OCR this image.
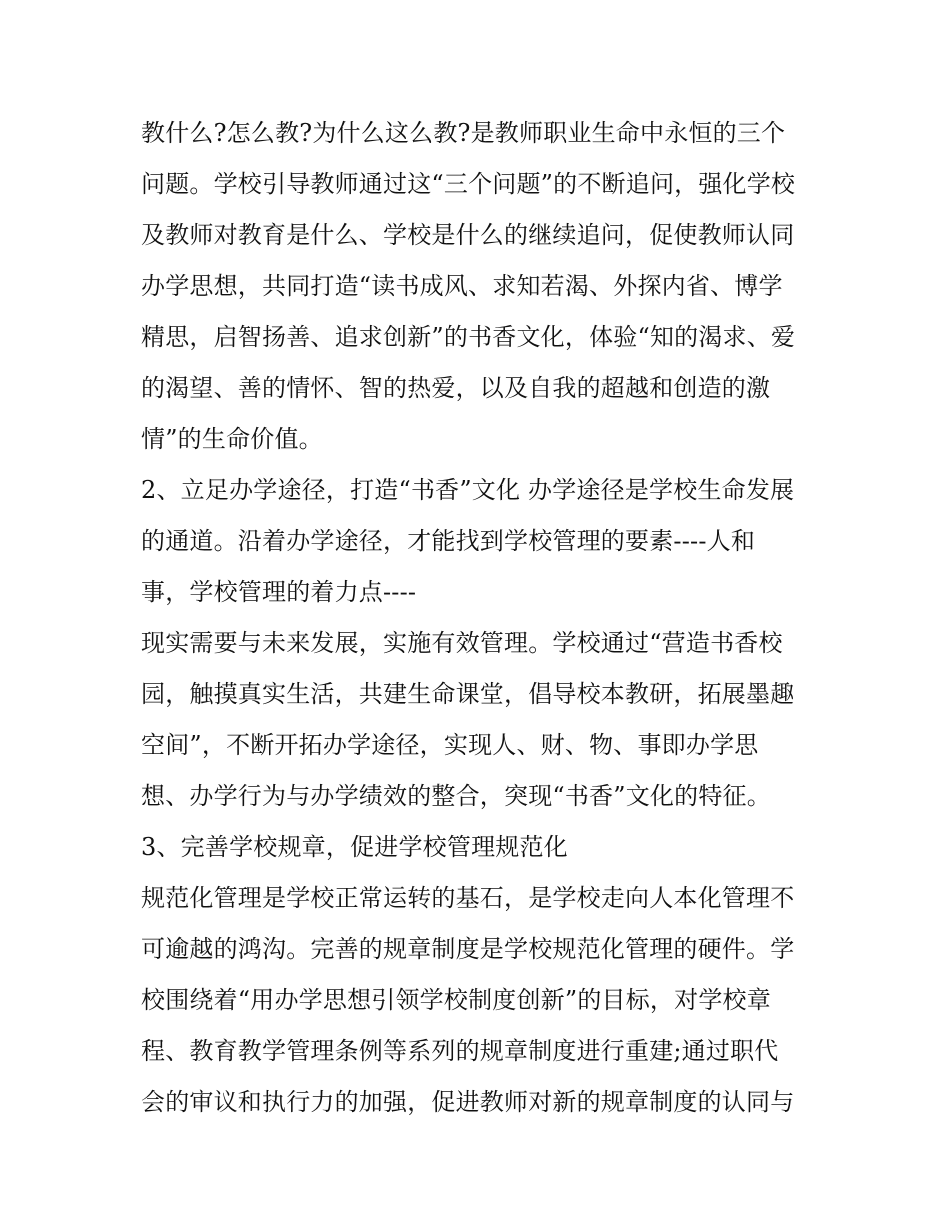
教什么?怎么教?为什么这么教?是教师职业生命中永恒的三个
问题。学校引导教师通过这“三个问题”的不断追问，强化学校
及教师对教育是什么、学校是什么的继续追问，促使教师认同
办学思想，共同打造“读书成风、求知若渴、外探内省、博学
精思，启智扬善、追求创新”的书香文化，体验“知的渴求、爱
的渴望、善的情怀、智的热爱，以及自我的超越和创造的激
情”的生命价值。
2、立足办学途径，打造“书香”文化 办学途径是学校生命发展
的通道。沿着办学途径，才能找到学校管理的要素----人和
事，学校管理的着力点----
现实需要与未来发展，实施有效管理。学校通过“营造书香校
园，触摸真实生活，共建生命课堂，倡导校本教研，拓展墨趣
空间”，不断开拓办学途径，实现人、财、物、事即办学思
想、办学行为与办学绩效的整合，突现“书香”文化的特征。
3、完善学校规章，促进学校管理规范化
规范化管理是学校正常运转的基石，是学校走向人本化管理不
可逾越的鸿沟。完善的规章制度是学校规范化管理的硬件。学
校围绕着“用办学思想引领学校制度创新”的目标，对学校章
程、教育教学管理条例等系列的规章制度进行重建;通过职代
会的审议和执行力的加强，促进教师对新的规章制度的认同与
